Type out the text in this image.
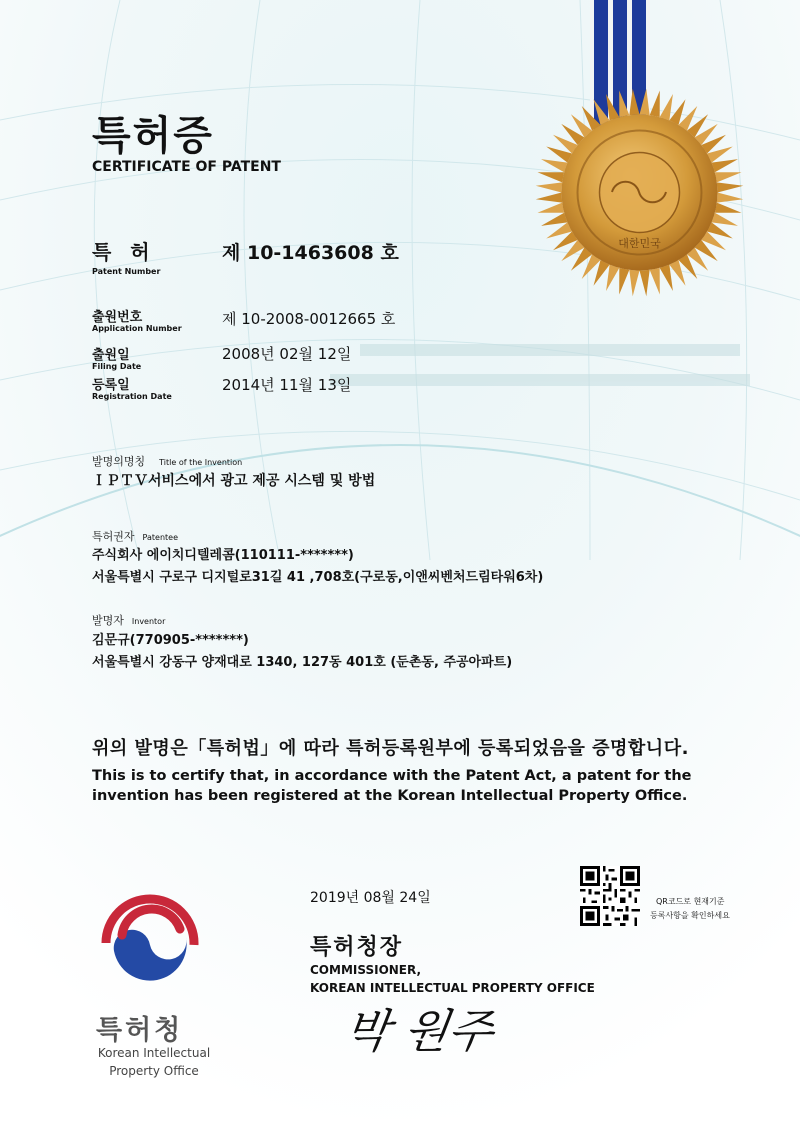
대한민국
특허증
CERTIFICATE OF PATENT
특 허
Patent Number
제 10-1463608 호
출원번호
Application Number
제 10-2008-0012665 호
출원일
Filing Date
2008년 02월 12일
등록일
Registration Date
2014년 11월 13일
발명의명칭 Title of the Invention
ＩＰＴＶ서비스에서 광고 제공 시스템 및 방법
특허권자 Patentee
주식회사 에이치디텔레콤(110111-*******)
서울특별시 구로구 디지털로31길 41 ,708호(구로동,이앤씨벤처드림타워6차)
발명자 Inventor
김문규(770905-*******)
서울특별시 강동구 양재대로 1340, 127동 401호 (둔촌동, 주공아파트)
위의 발명은「특허법」에 따라 특허등록원부에 등록되었음을 증명합니다.
This is to certify that, in accordance with the Patent Act, a patent for the invention has been registered at the Korean Intellectual Property Office.
2019년 08월 24일	QR코드로 현재기준
등록사항을 확인하세요
특허청장
COMMISSIONER,
KOREAN INTELLECTUAL PROPERTY OFFICE
박 원주
특허청
Korean Intellectual
Property Office
